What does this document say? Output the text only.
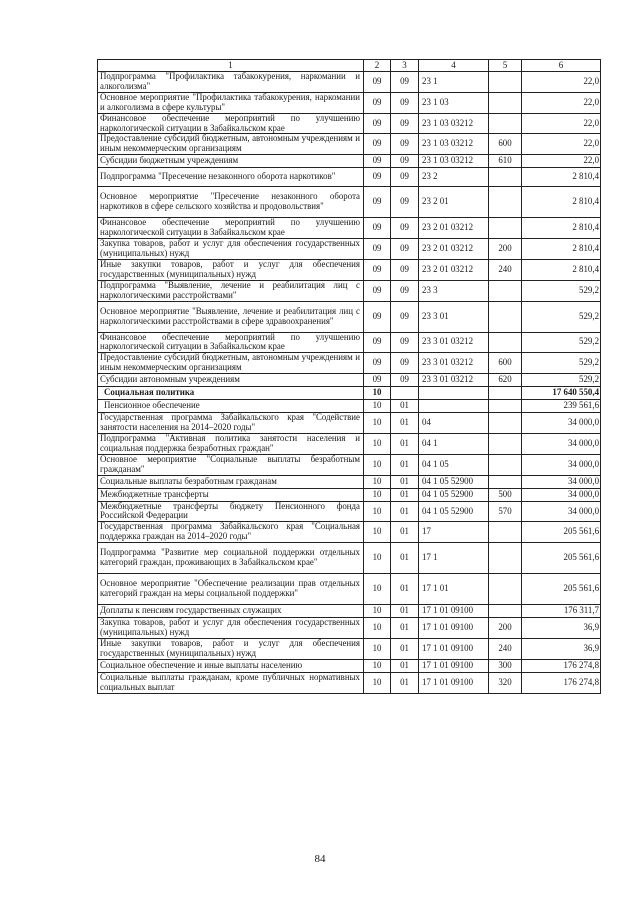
1	2	3	4	5	6
Подпрограмма "Профилактика табакокурения, наркомании и алкоголизма"	09	09	23 1		22,0
Основное мероприятие "Профилактика табакокурения, наркомании и алкоголизма в сфере культуры"	09	09	23 1 03		22,0
Финансовое обеспечение мероприятий по улучшению наркологической ситуации в Забайкальском крае	09	09	23 1 03 03212		22,0
Предоставление субсидий бюджетным, автономным учреждениям и иным некоммерческим организациям	09	09	23 1 03 03212	600	22,0
Субсидии бюджетным учреждениям	09	09	23 1 03 03212	610	22,0
Подпрограмма "Пресечение незаконного оборота наркотиков"	09	09	23 2		2 810,4
Основное мероприятие "Пресечение незаконного оборота наркотиков в сфере сельского хозяйства и продовольствия"	09	09	23 2 01		2 810,4
Финансовое обеспечение мероприятий по улучшению наркологической ситуации в Забайкальском крае	09	09	23 2 01 03212		2 810,4
Закупка товаров, работ и услуг для обеспечения государственных (муниципальных) нужд	09	09	23 2 01 03212	200	2 810,4
Иные закупки товаров, работ и услуг для обеспечения государственных (муниципальных) нужд	09	09	23 2 01 03212	240	2 810,4
Подпрограмма "Выявление, лечение и реабилитация лиц с наркологическими расстройствами"	09	09	23 3		529,2
Основное мероприятие "Выявление, лечение и реабилитация лиц с наркологическими расстройствами в сфере здравоохранения"	09	09	23 3 01		529,2
Финансовое обеспечение мероприятий по улучшению наркологической ситуации в Забайкальском крае	09	09	23 3 01 03212		529,2
Предоставление субсидий бюджетным, автономным учреждениям и иным некоммерческим организациям	09	09	23 3 01 03212	600	529,2
Субсидии автономным учреждениям	09	09	23 3 01 03212	620	529,2
Социальная политика	10				17 640 550,4
Пенсионное обеспечение	10	01			239 561,6
Государственная программа Забайкальского края "Содействие занятости населения на 2014–2020 годы"	10	01	04		34 000,0
Подпрограмма "Активная политика занятости населения и социальная поддержка безработных граждан"	10	01	04 1		34 000,0
Основное мероприятие "Социальные выплаты безработным гражданам"	10	01	04 1 05		34 000,0
Социальные выплаты безработным гражданам	10	01	04 1 05 52900		34 000,0
Межбюджетные трансферты	10	01	04 1 05 52900	500	34 000,0
Межбюджетные трансферты бюджету Пенсионного фонда Российской Федерации	10	01	04 1 05 52900	570	34 000,0
Государственная программа Забайкальского края "Социальная поддержка граждан на 2014–2020 годы"	10	01	17		205 561,6
Подпрограмма "Развитие мер социальной поддержки отдельных категорий граждан, проживающих в Забайкальском крае"	10	01	17 1		205 561,6
Основное мероприятие "Обеспечение реализации прав отдельных категорий граждан на меры социальной поддержки"	10	01	17 1 01		205 561,6
Доплаты к пенсиям государственных служащих	10	01	17 1 01 09100		176 311,7
Закупка товаров, работ и услуг для обеспечения государственных (муниципальных) нужд	10	01	17 1 01 09100	200	36,9
Иные закупки товаров, работ и услуг для обеспечения государственных (муниципальных) нужд	10	01	17 1 01 09100	240	36,9
Социальное обеспечение и иные выплаты населению	10	01	17 1 01 09100	300	176 274,8
Социальные выплаты гражданам, кроме публичных нормативных социальных выплат	10	01	17 1 01 09100	320	176 274,8
84
